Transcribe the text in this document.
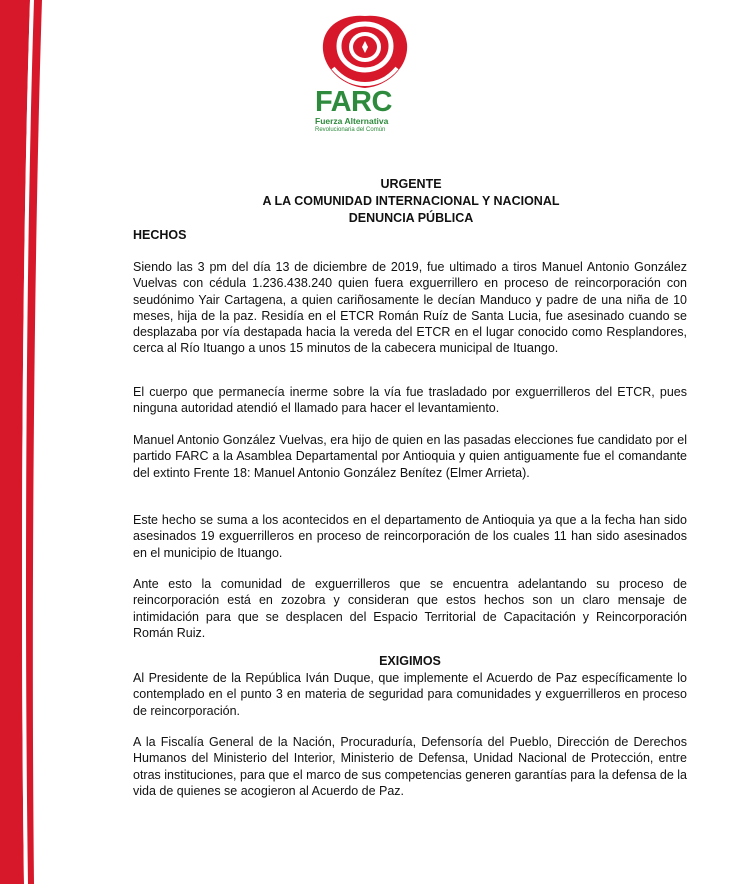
FARC
Fuerza Alternativa
Revolucionaria del Común
URGENTE
A LA COMUNIDAD INTERNACIONAL Y NACIONAL
DENUNCIA PÚBLICA
HECHOS

Siendo las 3 pm del día 13 de diciembre de 2019, fue ultimado a tiros Manuel Antonio González Vuelvas con cédula 1.236.438.240 quien fuera exguerrillero en proceso de reincorporación con seudónimo Yair Cartagena, a quien cariñosamente le decían Manduco y padre de una niña de 10 meses, hija de la paz. Residía en el ETCR Román Ruíz de Santa Lucia, fue asesinado cuando se desplazaba por vía destapada hacia la vereda del ETCR en el lugar conocido como Resplandores, cerca al Río Ituango a unos 15 minutos de la cabecera municipal de Ituango.

El cuerpo que permanecía inerme sobre la vía fue trasladado por exguerrilleros del ETCR, pues ninguna autoridad atendió el llamado para hacer el levantamiento.

Manuel Antonio González Vuelvas, era hijo de quien en las pasadas elecciones fue candidato por el partido FARC a la Asamblea Departamental por Antioquia y quien antiguamente fue el comandante del extinto Frente 18: Manuel Antonio González Benítez (Elmer Arrieta).

Este hecho se suma a los acontecidos en el departamento de Antioquia ya que a la fecha han sido asesinados 19 exguerrilleros en proceso de reincorporación de los cuales 11 han sido asesinados en el municipio de Ituango.

Ante esto la comunidad de exguerrilleros que se encuentra adelantando su proceso de reincorporación está en zozobra y consideran que estos hechos son un claro mensaje de intimidación para que se desplacen del Espacio Territorial de Capacitación y Reincorporación Román Ruiz.

EXIGIMOS

Al Presidente de la República Iván Duque, que implemente el Acuerdo de Paz específicamente lo contemplado en el punto 3 en materia de seguridad para comunidades y exguerrilleros en proceso de reincorporación.

A la Fiscalía General de la Nación, Procuraduría, Defensoría del Pueblo, Dirección de Derechos Humanos del Ministerio del Interior, Ministerio de Defensa, Unidad Nacional de Protección, entre otras instituciones, para que el marco de sus competencias generen garantías para la defensa de la vida de quienes se acogieron al Acuerdo de Paz.
